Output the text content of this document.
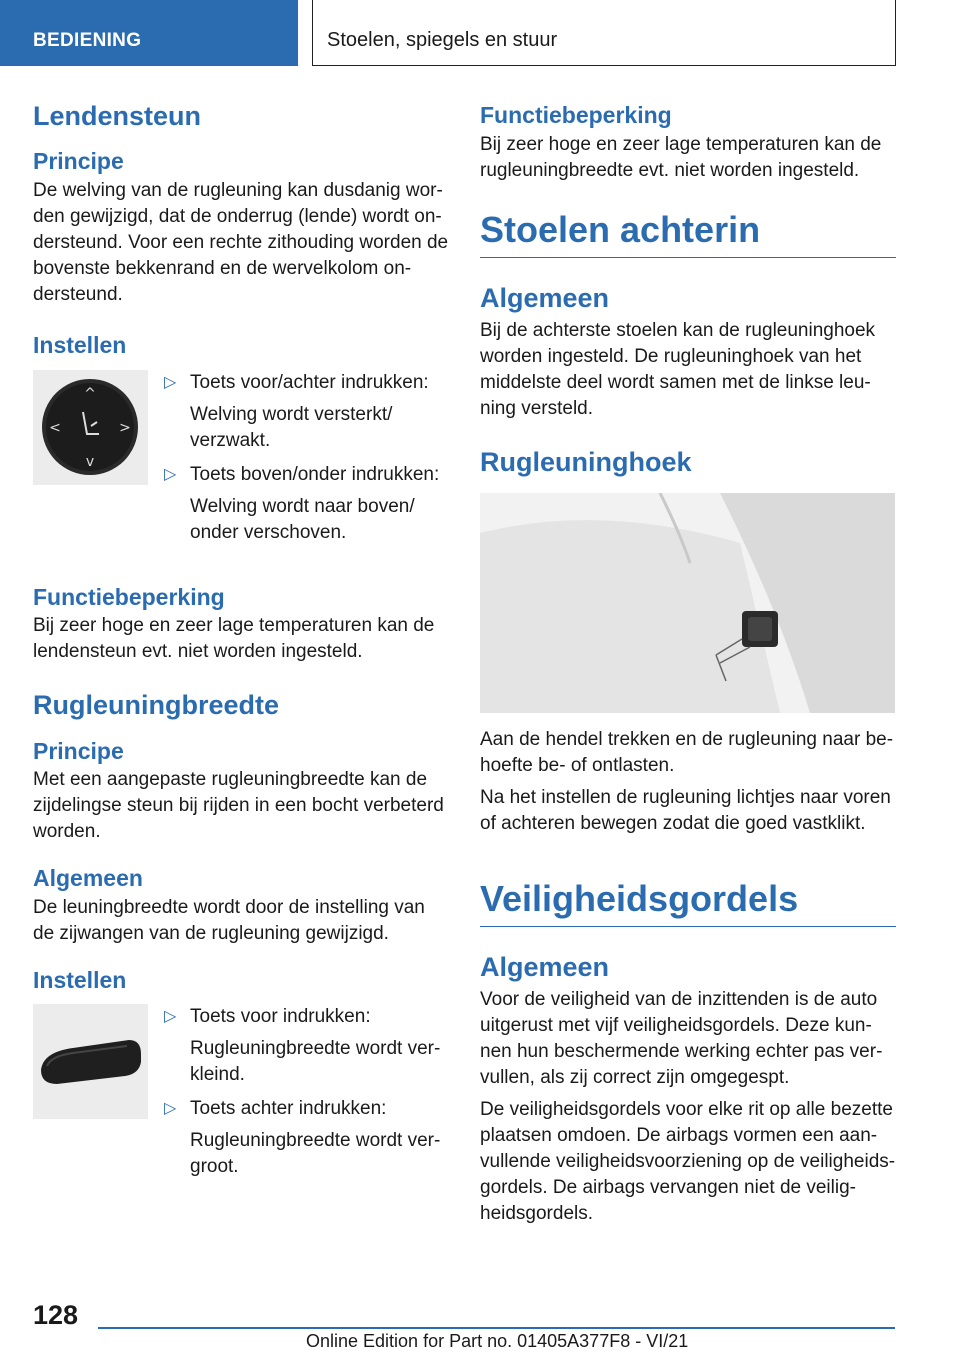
BEDIENING	Stoelen, spiegels en stuur
Lendensteun
Principe

De welving van de rugleuning kan dusdanig wor-den gewijzigd, dat de onderrug (lende) wordt on-dersteund. Voor een rechte zithouding worden de bovenste bekkenrand en de wervelkolom on-dersteund.

Instellen
^
v
<	>
▷ Toets voor/achter indrukken:
Welving wordt versterkt/ verzwakt.
▷ Toets boven/onder indrukken:
Welving wordt naar boven/ onder verschoven.
Functiebeperking

Bij zeer hoge en zeer lage temperaturen kan de lendensteun evt. niet worden ingesteld.

Rugleuningbreedte
Principe

Met een aangepaste rugleuningbreedte kan de zijdelingse steun bij rijden in een bocht verbeterd worden.

Algemeen

De leuningbreedte wordt door de instelling van de zijwangen van de rugleuning gewijzigd.

Instellen
▷ Toets voor indrukken:
Rugleuningbreedte wordt ver-kleind.
▷ Toets achter indrukken:
Rugleuningbreedte wordt ver-groot.
Functiebeperking

Bij zeer hoge en zeer lage temperaturen kan de rugleuningbreedte evt. niet worden ingesteld.

Stoelen achterin
Algemeen

Bij de achterste stoelen kan de rugleuninghoek worden ingesteld. De rugleuninghoek van het middelste deel wordt samen met de linkse leu-ning versteld.

Rugleuninghoek

Aan de hendel trekken en de rugleuning naar be-hoefte be- of ontlasten.

Na het instellen de rugleuning lichtjes naar voren of achteren bewegen zodat die goed vastklikt.

Veiligheidsgordels
Algemeen

Voor de veiligheid van de inzittenden is de auto uitgerust met vijf veiligheidsgordels. Deze kun-nen hun beschermende werking echter pas ver-vullen, als zij correct zijn omgegespt.

De veiligheidsgordels voor elke rit op alle bezette plaatsen omdoen. De airbags vormen een aan-vullende veiligheidsvoorziening op de veiligheids-gordels. De airbags vervangen niet de veilig-heidsgordels.

128
Online Edition for Part no. 01405A377F8 - VI/21
